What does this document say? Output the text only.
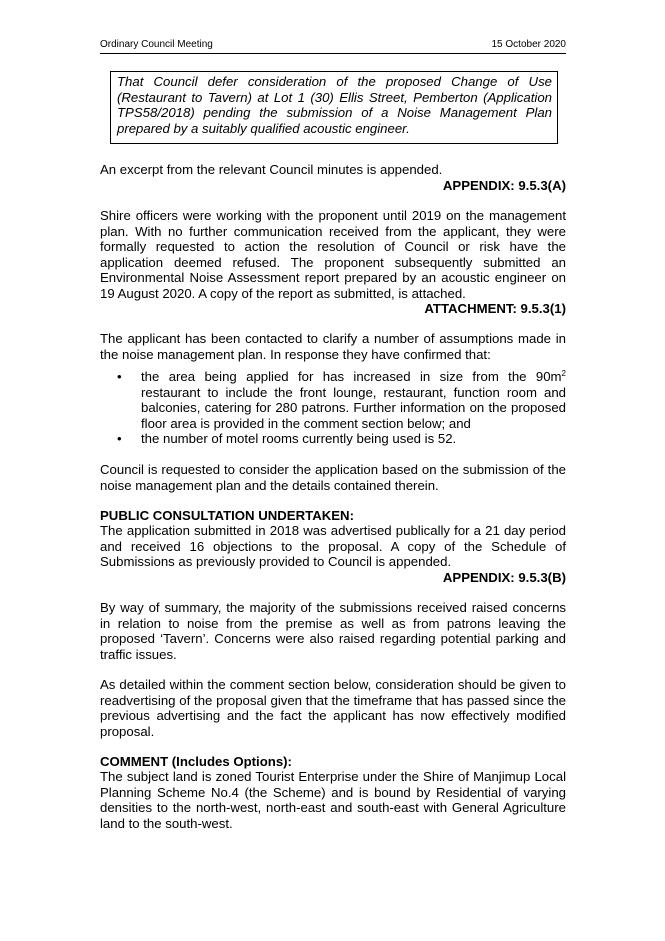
Ordinary Council Meeting	15 October 2020
That Council defer consideration of the proposed Change of Use (Restaurant to Tavern) at Lot 1 (30) Ellis Street, Pemberton (Application TPS58/2018) pending the submission of a Noise Management Plan prepared by a suitably qualified acoustic engineer.
An excerpt from the relevant Council minutes is appended.
APPENDIX: 9.5.3(A)
Shire officers were working with the proponent until 2019 on the management plan. With no further communication received from the applicant, they were formally requested to action the resolution of Council or risk have the application deemed refused. The proponent subsequently submitted an Environmental Noise Assessment report prepared by an acoustic engineer on 19 August 2020. A copy of the report as submitted, is attached.
ATTACHMENT: 9.5.3(1)
The applicant has been contacted to clarify a number of assumptions made in the noise management plan. In response they have confirmed that:
• the area being applied for has increased in size from the $90m^2$ restaurant to include the front lounge, restaurant, function room and balconies, catering for 280 patrons. Further information on the proposed floor area is provided in the comment section below; and
• the number of motel rooms currently being used is 52.
Council is requested to consider the application based on the submission of the noise management plan and the details contained therein.
PUBLIC CONSULTATION UNDERTAKEN:
The application submitted in 2018 was advertised publically for a 21 day period and received 16 objections to the proposal. A copy of the Schedule of Submissions as previously provided to Council is appended.
APPENDIX: 9.5.3(B)
By way of summary, the majority of the submissions received raised concerns in relation to noise from the premise as well as from patrons leaving the proposed ‘Tavern’. Concerns were also raised regarding potential parking and traffic issues.
As detailed within the comment section below, consideration should be given to readvertising of the proposal given that the timeframe that has passed since the previous advertising and the fact the applicant has now effectively modified proposal.
COMMENT (Includes Options):
The subject land is zoned Tourist Enterprise under the Shire of Manjimup Local Planning Scheme No.4 (the Scheme) and is bound by Residential of varying densities to the north-west, north-east and south-east with General Agriculture land to the south-west.
